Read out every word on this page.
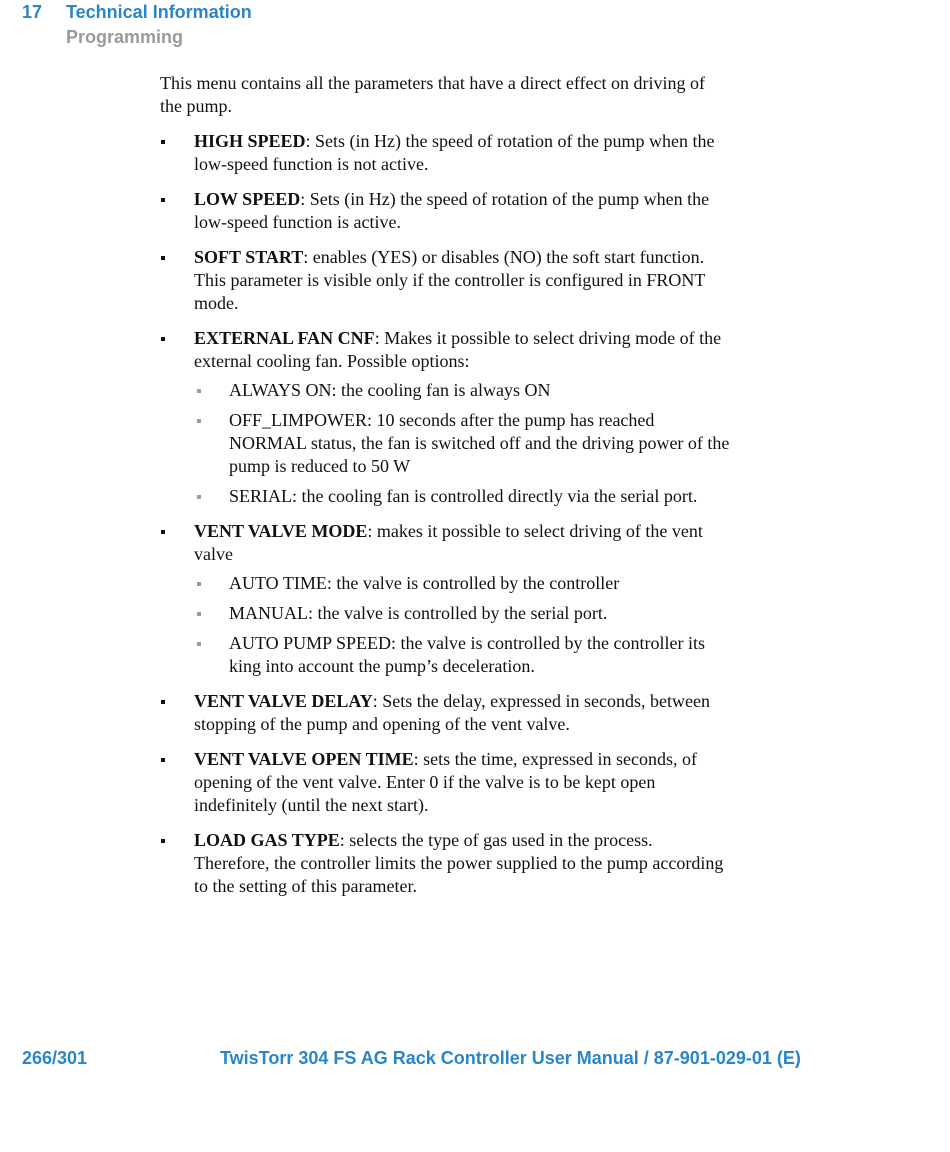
17 Technical Information
Programming

This menu contains all the parameters that have a direct effect on driving of the pump.

HIGH SPEED: Sets (in Hz) the speed of rotation of the pump when the low-speed function is not active.
LOW SPEED: Sets (in Hz) the speed of rotation of the pump when the low-speed function is active.
SOFT START: enables (YES) or disables (NO) the soft start function. This parameter is visible only if the controller is configured in FRONT mode.
EXTERNAL FAN CNF: Makes it possible to select driving mode of the external cooling fan. Possible options:
ALWAYS ON: the cooling fan is always ON
OFF_LIMPOWER: 10 seconds after the pump has reached NORMAL status, the fan is switched off and the driving power of the pump is reduced to 50 W
SERIAL: the cooling fan is controlled directly via the serial port.
VENT VALVE MODE: makes it possible to select driving of the vent valve
AUTO TIME: the valve is controlled by the controller
MANUAL: the valve is controlled by the serial port.
AUTO PUMP SPEED: the valve is controlled by the controller its king into account the pump’s deceleration.
VENT VALVE DELAY: Sets the delay, expressed in seconds, between stopping of the pump and opening of the vent valve.
VENT VALVE OPEN TIME: sets the time, expressed in seconds, of opening of the vent valve. Enter 0 if the valve is to be kept open indefinitely (until the next start).
LOAD GAS TYPE: selects the type of gas used in the process. Therefore, the controller limits the power supplied to the pump according to the setting of this parameter.
266/301	TwisTorr 304 FS AG Rack Controller User Manual / 87-901-029-01 (E)
